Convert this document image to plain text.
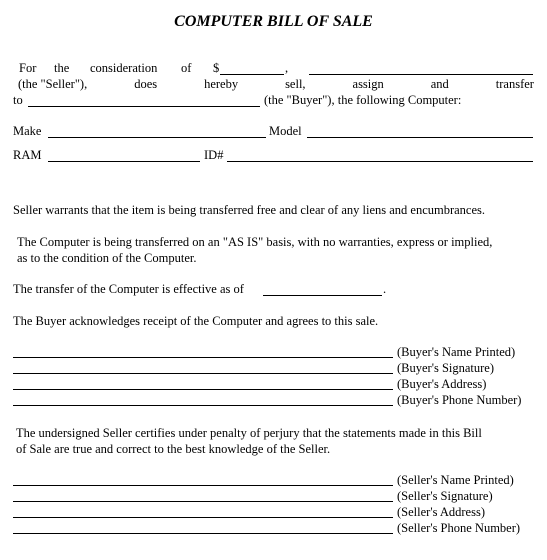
COMPUTER BILL OF SALE
For the consideration of $	,
(the "Seller"),	does	hereby	sell,	assign	and	transfer
to	(the "Buyer"), the following Computer:
Make	Model
RAM	ID#
Seller warrants that the item is being transferred free and clear of any liens and encumbrances.
The Computer is being transferred on an "AS IS" basis, with no warranties, express or implied,
as to the condition of the Computer.
The transfer of the Computer is effective as of	.
The Buyer acknowledges receipt of the Computer and agrees to this sale.
(Buyer's Name Printed)
(Buyer's Signature)
(Buyer's Address)
(Buyer's Phone Number)
The undersigned Seller certifies under penalty of perjury that the statements made in this Bill
of Sale are true and correct to the best knowledge of the Seller.
(Seller's Name Printed)
(Seller's Signature)
(Seller's Address)
(Seller's Phone Number)
